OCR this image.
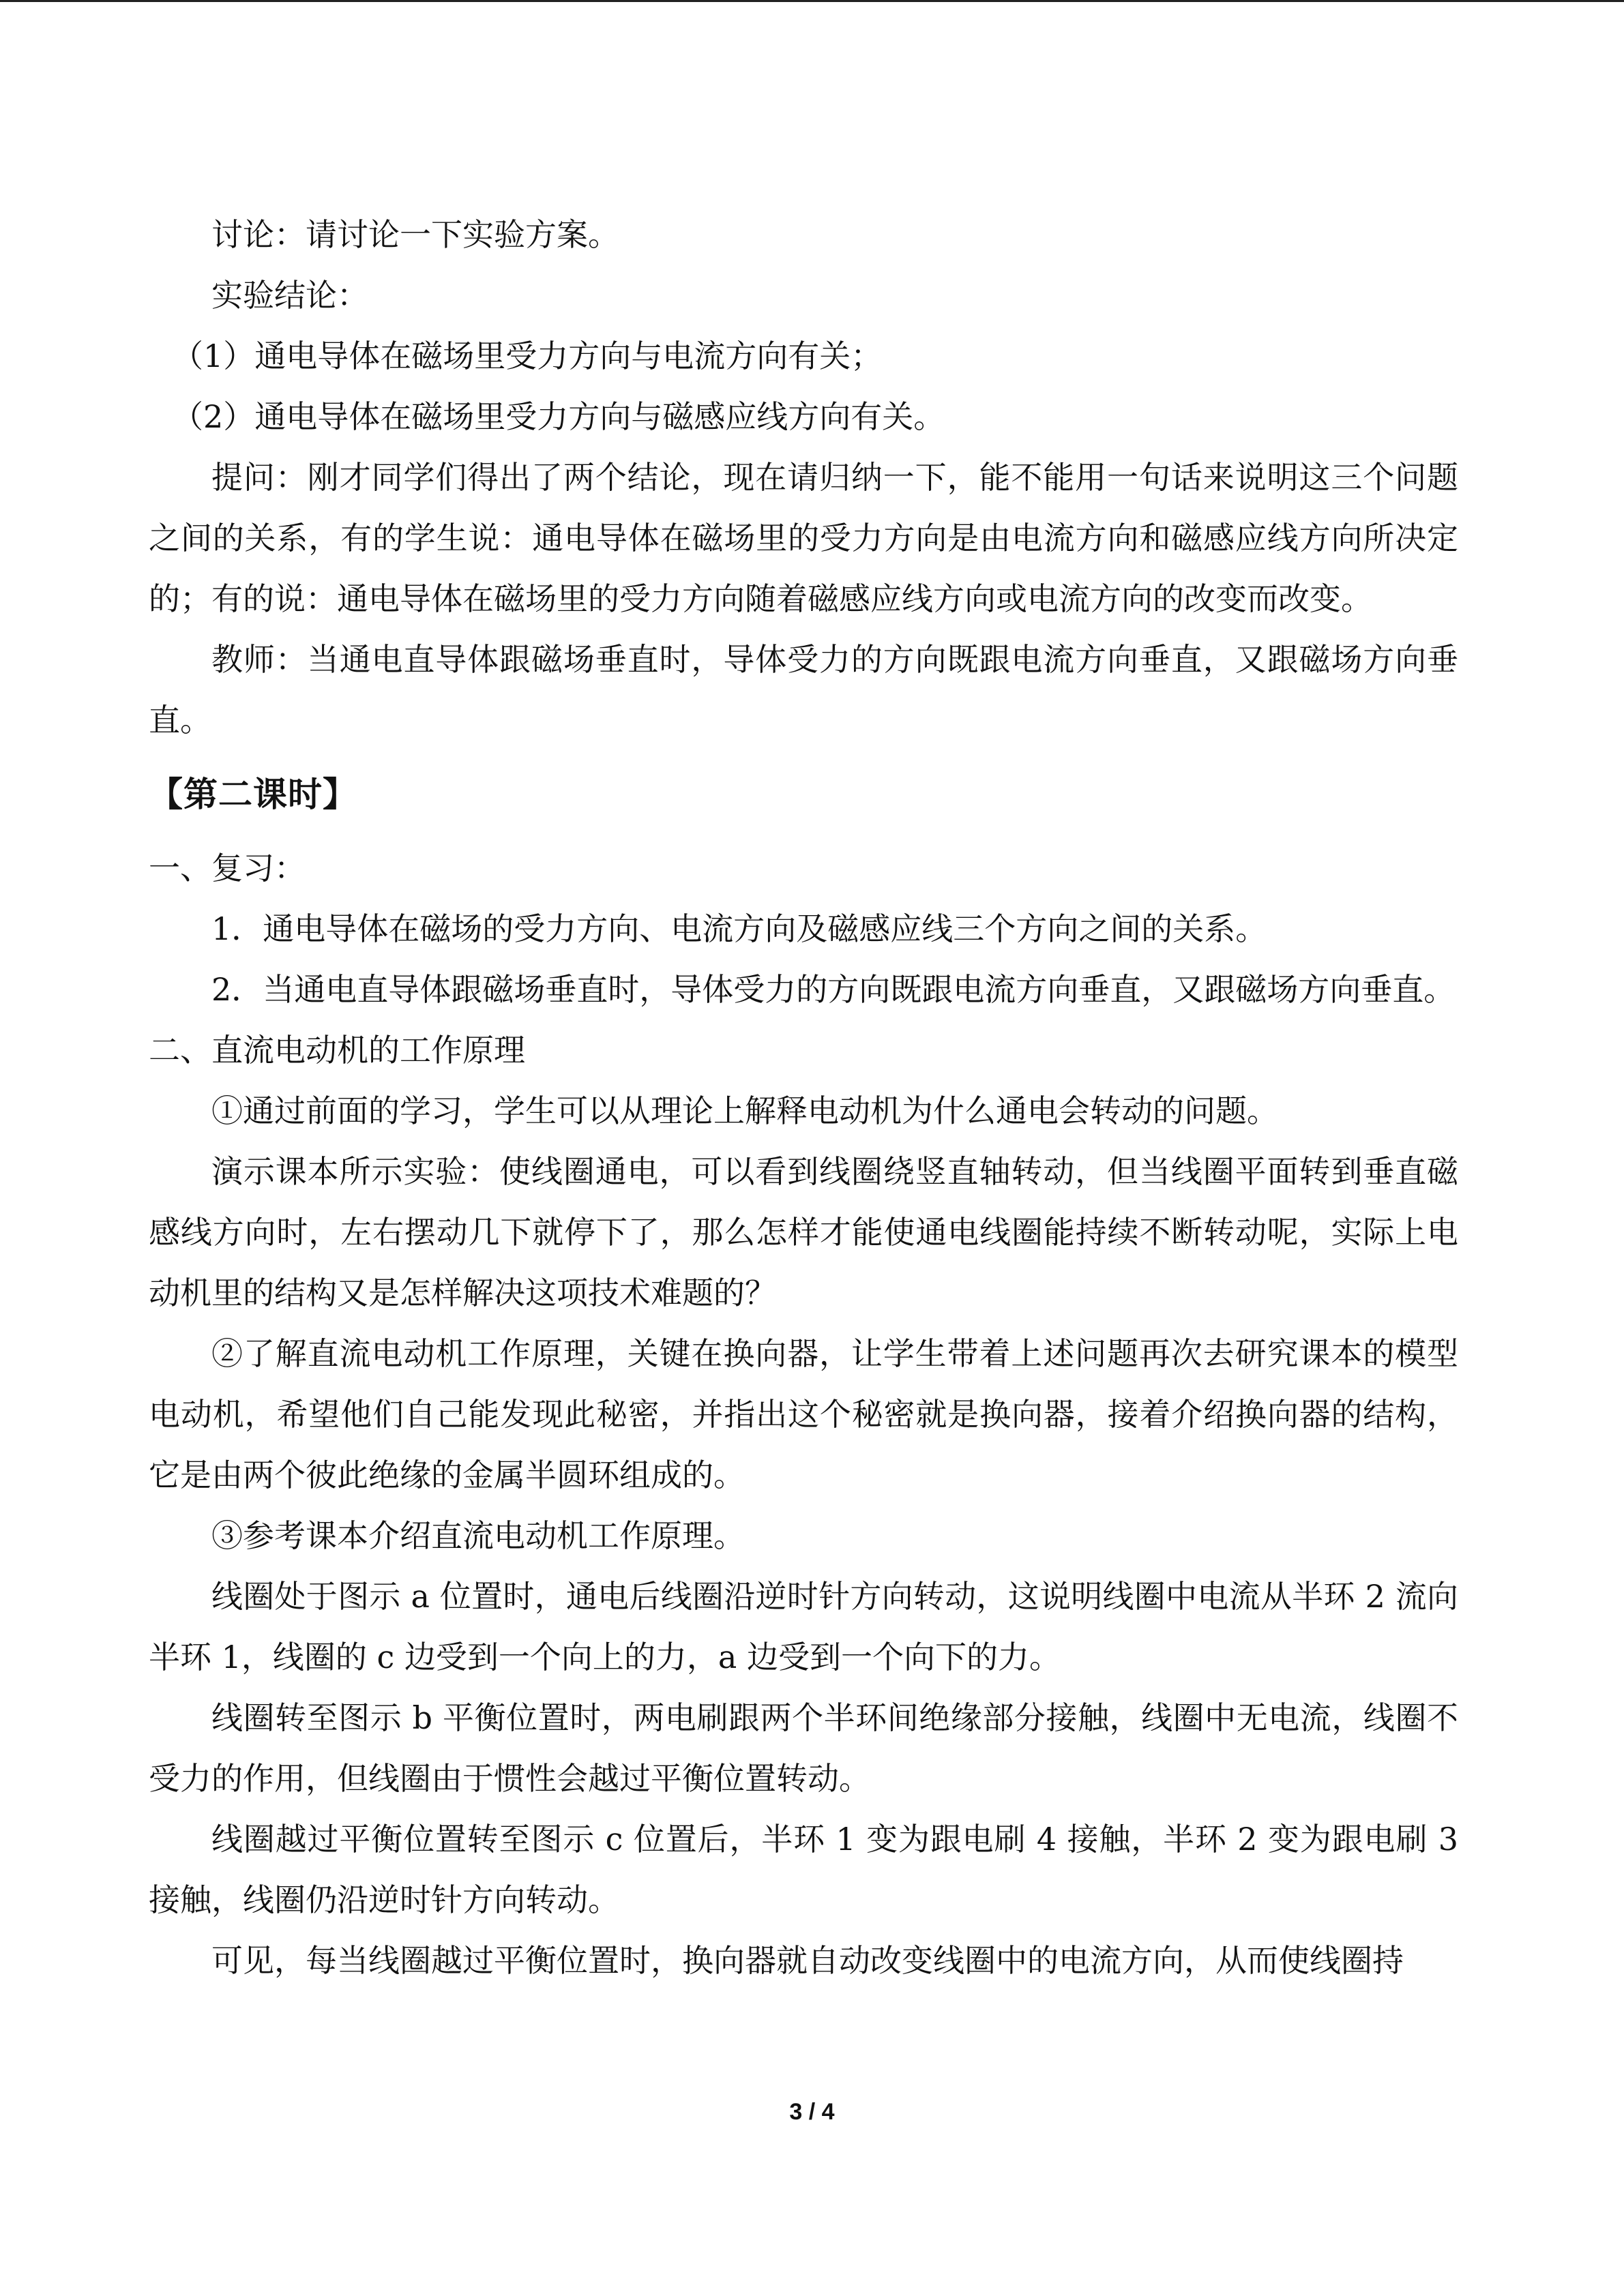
讨论：请讨论一下实验方案。

实验结论：

（1）通电导体在磁场里受力方向与电流方向有关；

（2）通电导体在磁场里受力方向与磁感应线方向有关。

提问：刚才同学们得出了两个结论，现在请归纳一下，能不能用一句话来说明这三个问题之间的关系，有的学生说：通电导体在磁场里的受力方向是由电流方向和磁感应线方向所决定的；有的说：通电导体在磁场里的受力方向随着磁感应线方向或电流方向的改变而改变。

教师：当通电直导体跟磁场垂直时，导体受力的方向既跟电流方向垂直，又跟磁场方向垂直。

【第二课时】

一、复习：

1．通电导体在磁场的受力方向、电流方向及磁感应线三个方向之间的关系。

2．当通电直导体跟磁场垂直时，导体受力的方向既跟电流方向垂直，又跟磁场方向垂直。

二、直流电动机的工作原理

①通过前面的学习，学生可以从理论上解释电动机为什么通电会转动的问题。

演示课本所示实验：使线圈通电，可以看到线圈绕竖直轴转动，但当线圈平面转到垂直磁感线方向时，左右摆动几下就停下了，那么怎样才能使通电线圈能持续不断转动呢，实际上电动机里的结构又是怎样解决这项技术难题的？

②了解直流电动机工作原理，关键在换向器，让学生带着上述问题再次去研究课本的模型电动机，希望他们自己能发现此秘密，并指出这个秘密就是换向器，接着介绍换向器的结构，它是由两个彼此绝缘的金属半圆环组成的。

③参考课本介绍直流电动机工作原理。

线圈处于图示 a 位置时，通电后线圈沿逆时针方向转动，这说明线圈中电流从半环 2 流向半环 1，线圈的 c 边受到一个向上的力，a 边受到一个向下的力。

线圈转至图示 b 平衡位置时，两电刷跟两个半环间绝缘部分接触，线圈中无电流，线圈不受力的作用，但线圈由于惯性会越过平衡位置转动。

线圈越过平衡位置转至图示 c 位置后，半环 1 变为跟电刷 4 接触，半环 2 变为跟电刷 3 接触，线圈仍沿逆时针方向转动。

可见，每当线圈越过平衡位置时，换向器就自动改变线圈中的电流方向，从而使线圈持

3 / 4
